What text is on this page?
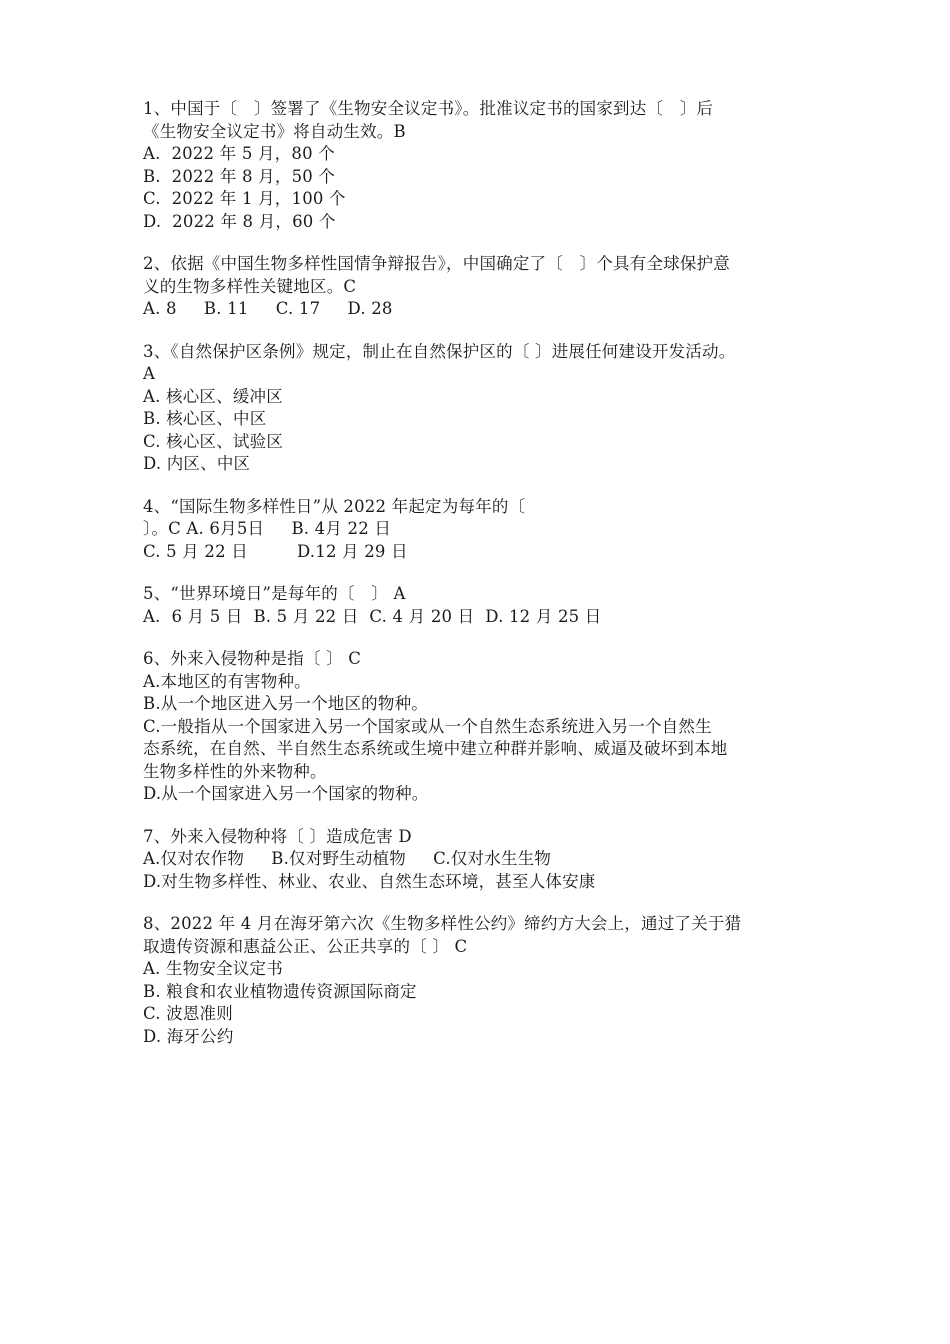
1、中国于〔　〕签署了《生物安全议定书》。批准议定书的国家到达〔　〕后
《生物安全议定书》将自动生效。B
A.  2022 年 5 月，80 个
B.  2022 年 8 月，50 个
C.  2022 年 1 月，100 个
D.  2022 年 8 月，60 个
2、依据《中国生物多样性国情争辩报告》，中国确定了〔　〕个具有全球保护意
义的生物多样性关键地区。C
A. 8     B. 11     C. 17     D. 28
3、《自然保护区条例》规定，制止在自然保护区的〔 〕进展任何建设开发活动。
A
A. 核心区、缓冲区
B. 核心区、中区
C. 核心区、试验区
D. 内区、中区
4、“国际生物多样性日”从 2022 年起定为每年的〔
〕。C A. 6月5日     B. 4月 22 日
C. 5 月 22 日         D.12 月 29 日
5、“世界环境日”是每年的〔　〕 A
A.  6 月 5 日  B. 5 月 22 日  C. 4 月 20 日  D. 12 月 25 日
6、外来入侵物种是指〔 〕 C
A.本地区的有害物种。
B.从一个地区进入另一个地区的物种。
C.一般指从一个国家进入另一个国家或从一个自然生态系统进入另一个自然生
态系统，在自然、半自然生态系统或生境中建立种群并影响、威逼及破坏到本地
生物多样性的外来物种。
D.从一个国家进入另一个国家的物种。
7、外来入侵物种将〔 〕造成危害 D
A.仅对农作物     B.仅对野生动植物     C.仅对水生生物
D.对生物多样性、林业、农业、自然生态环境，甚至人体安康
8、2022 年 4 月在海牙第六次《生物多样性公约》缔约方大会上，通过了关于猎
取遗传资源和惠益公正、公正共享的〔 〕 C
A. 生物安全议定书
B. 粮食和农业植物遗传资源国际商定
C. 波恩准则
D. 海牙公约
